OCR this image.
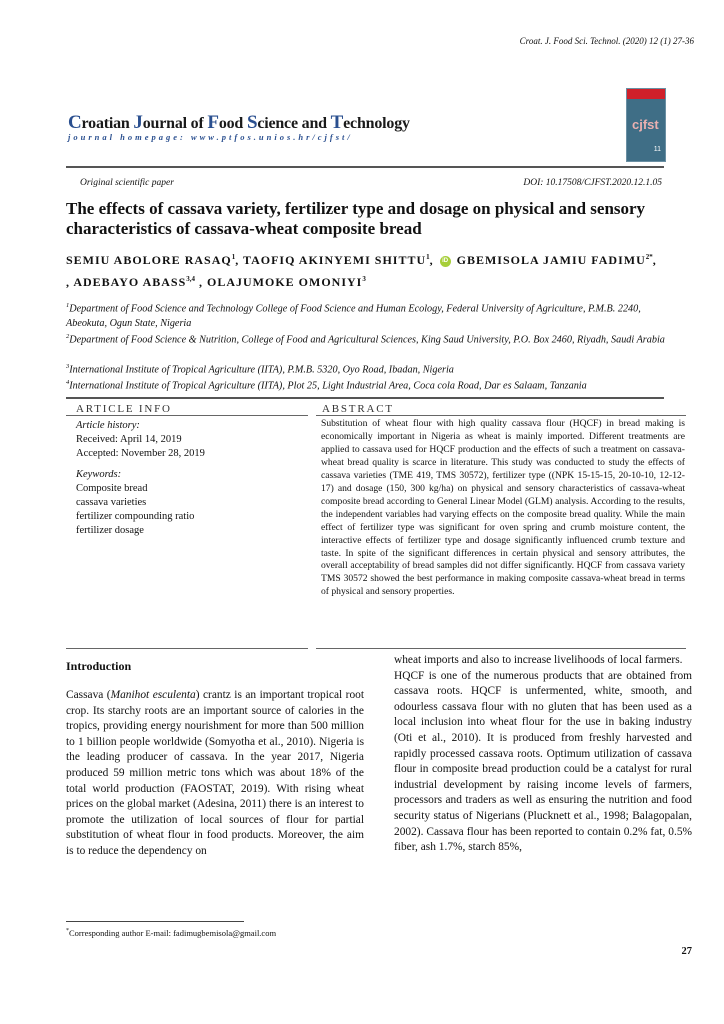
Croat. J. Food Sci. Technol. (2020) 12 (1) 27-36
Croatian Journal of Food Science and Technology
journal homepage: www.ptfos.unios.hr/cjfst/
cjfst
11
Original scientific paper	DOI: 10.17508/CJFST.2020.12.1.05
The effects of cassava variety, fertilizer type and dosage on physical and sensory characteristics of cassava-wheat composite bread
SEMIU ABOLORE RASAQ$^1$, TAOFIQ AKINYEMI SHITTU$^1$, iD GBEMISOLA JAMIU $FADIMU^{2*}$,
, ADEBAYO ABASS$^{3,4}$ , OLAJUMOKE OMONIYI$^3$
$^1$Department of Food Science and Technology College of Food Science and Human Ecology, Federal University of Agriculture, P.M.B. 2240, Abeokuta, Ogun State, Nigeria
$^2$Department of Food Science & Nutrition, College of Food and Agricultural Sciences, King Saud University, P.O. Box 2460, Riyadh, Saudi Arabia
$^3$International Institute of Tropical Agriculture (IITA), P.M.B. 5320, Oyo Road, Ibadan, Nigeria
$^4$International Institute of Tropical Agriculture (IITA), Plot 25, Light Industrial Area, Coca cola Road, Dar es Salaam, Tanzania
ARTICLE INFO	ABSTRACT
Article history:
Received: April 14, 2019
Accepted: November 28, 2019
Keywords:
Composite bread
cassava varieties
fertilizer compounding ratio
fertilizer dosage
Substitution of wheat flour with high quality cassava flour (HQCF) in bread making is economically important in Nigeria as wheat is mainly imported. Different treatments are applied to cassava used for HQCF production and the effects of such a treatment on cassava-wheat bread quality is scarce in literature. This study was conducted to study the effects of cassava varieties (TME 419, TMS 30572), fertilizer type ((NPK 15-15-15, 20-10-10, 12-12-17) and dosage (150, 300 kg/ha) on physical and sensory characteristics of cassava-wheat composite bread according to General Linear Model (GLM) analysis. According to the results, the independent variables had varying effects on the composite bread quality. While the main effect of fertilizer type was significant for oven spring and crumb moisture content, the interactive effects of fertilizer type and dosage significantly influenced crumb texture and taste. In spite of the significant differences in certain physical and sensory attributes, the overall acceptability of bread samples did not differ significantly. HQCF from cassava variety TMS 30572 showed the best performance in making composite cassava-wheat bread in terms of physical and sensory properties.
Introduction
Cassava (Manihot esculenta) crantz is an important tropical root crop. Its starchy roots are an important source of calories in the tropics, providing energy nourishment for more than 500 million to 1 billion people worldwide (Somyotha et al., 2010). Nigeria is the leading producer of cassava. In the year 2017, Nigeria produced 59 million metric tons which was about 18% of the total world production (FAOSTAT, 2019). With rising wheat prices on the global market (Adesina, 2011) there is an interest to promote the utilization of local sources of flour for partial substitution of wheat flour in food products. Moreover, the aim is to reduce the dependency on
wheat imports and also to increase livelihoods of local farmers.
HQCF is one of the numerous products that are obtained from cassava roots. HQCF is unfermented, white, smooth, and odourless cassava flour with no gluten that has been used as a local inclusion into wheat flour for the use in baking industry (Oti et al., 2010). It is produced from freshly harvested and rapidly processed cassava roots. Optimum utilization of cassava flour in composite bread production could be a catalyst for rural industrial development by raising income levels of farmers, processors and traders as well as ensuring the nutrition and food security status of Nigerians (Plucknett et al., 1998; Balagopalan, 2002). Cassava flour has been reported to contain 0.2% fat, 0.5% fiber, ash 1.7%, starch 85%,
*Corresponding author E-mail: fadimugbemisola@gmail.com
27
